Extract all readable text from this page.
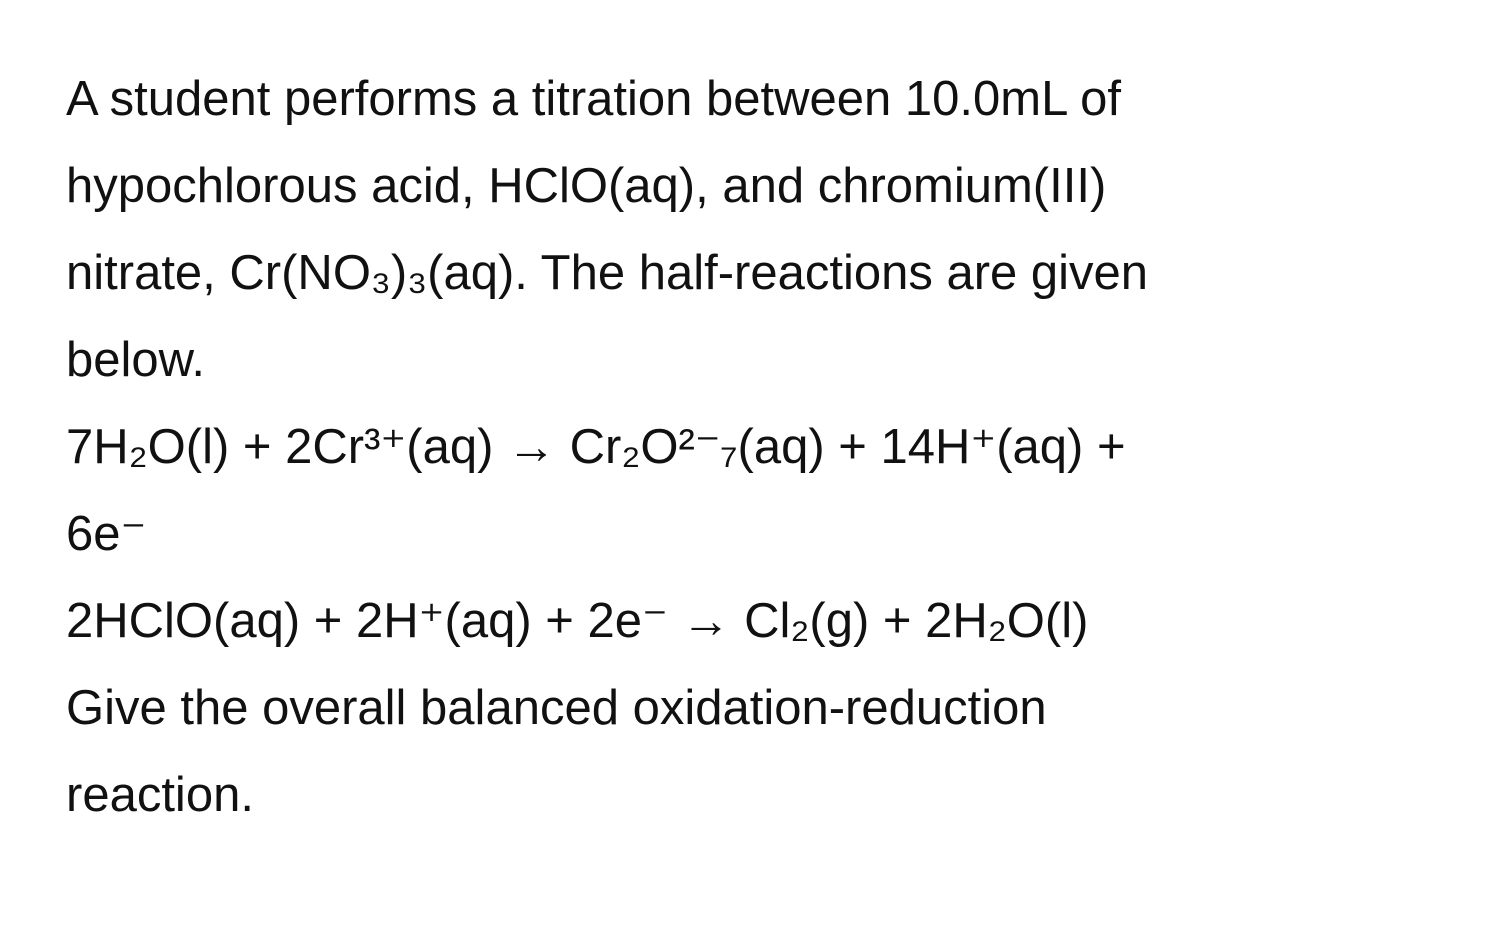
A student performs a titration between 10.0mL of

hypochlorous acid, HClO(aq), and chromium(III)

nitrate, Cr(NO₃)₃(aq). The half-reactions are given

below.

7H₂O(l) + 2Cr³⁺(aq) → Cr₂O²⁻₇(aq) + 14H⁺(aq) +

6e⁻

2HClO(aq) + 2H⁺(aq) + 2e⁻ → Cl₂(g) + 2H₂O(l)

Give the overall balanced oxidation-reduction

reaction.
